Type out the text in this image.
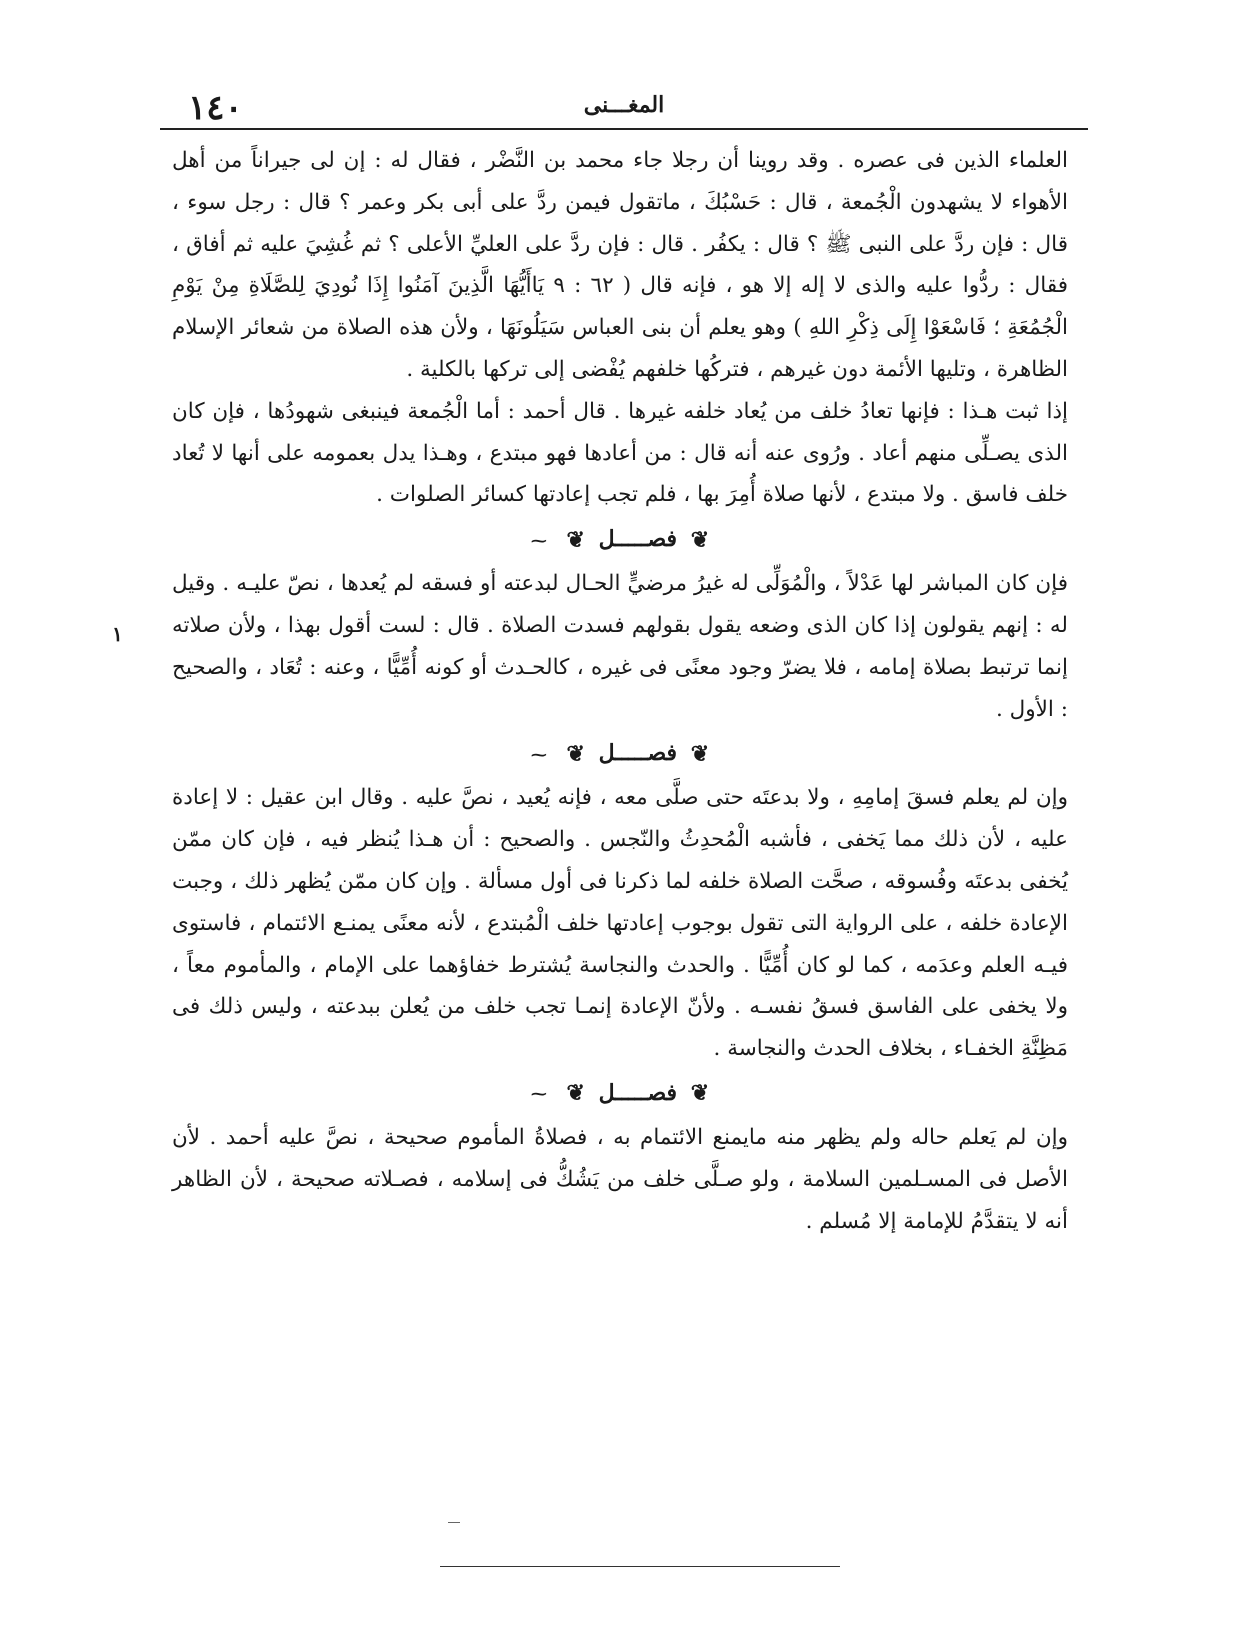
١٤٠	المغـــنى
١

العلماء الذين فى عصره . وقد روينا أن رجلا جاء محمد بن النَّضْر ، فقال له : إن لى جيراناً من أهل الأهواء لا يشهدون الْجُمعة ، قال : حَسْبُكَ ، ماتقول فيمن ردَّ على أبى بكر وعمر ؟ قال : رجل سوء ، قال : فإن ردَّ على النبى ﷺ ؟ قال : يكفُر . قال : فإن ردَّ على العليِّ الأعلى ؟ ثم غُشِيَ عليه ثم أفاق ، فقال : ردُّوا عليه والذى لا إله إلا هو ، فإنه قال ( ٦٢ : ٩ يَاأَيُّهَا الَّذِينَ آمَنُوا إِذَا نُودِيَ لِلصَّلَاةِ مِنْ يَوْمِ الْجُمُعَةِ ؛ فَاسْعَوْا إِلَى ذِكْرِ اللهِ ) وهو يعلم أن بنى العباس سَيَلُونَهَا ، ولأن هذه الصلاة من شعائر الإسلام الظاهرة ، وتليها الأئمة دون غيرهم ، فتركُها خلفهم يُفْضى إلى تركها بالكلية .

إذا ثبت هـذا : فإنها تعادُ خلف من يُعاد خلفه غيرها . قال أحمد : أما الْجُمعة فينبغى شهودُها ، فإن كان الذى يصـلِّى منهم أعاد . ورُوى عنه أنه قال : من أعادها فهو مبتدع ، وهـذا يدل بعمومه على أنها لا تُعاد خلف فاسق . ولا مبتدع ، لأنها صلاة أُمِرَ بها ، فلم تجب إعادتها كسائر الصلوات .

❦ فصـــــل ❦ ⁓

فإن كان المباشر لها عَدْلاً ، والْمُوَلِّى له غيرُ مرضيٍّ الحـال لبدعته أو فسقه لم يُعدها ، نصّ عليـه . وقيل له : إنهم يقولون إذا كان الذى وضعه يقول بقولهم فسدت الصلاة . قال : لست أقول بهذا ، ولأن صلاته إنما ترتبط بصلاة إمامه ، فلا يضرّ وجود معنًى فى غيره ، كالحـدث أو كونه أُمِّيًّا ، وعنه : تُعَاد ، والصحيح : الأول .

❦ فصـــــل ❦ ⁓

وإن لم يعلم فسقَ إمامِهِ ، ولا بدعتَه حتى صلَّى معه ، فإنه يُعيد ، نصَّ عليه . وقال ابن عقيل : لا إعادة عليه ، لأن ذلك مما يَخفى ، فأشبه الْمُحدِثُ والنّجس . والصحيح : أن هـذا يُنظر فيه ، فإن كان ممّن يُخفى بدعتَه وفُسوقه ، صحَّت الصلاة خلفه لما ذكرنا فى أول مسألة . وإن كان ممّن يُظهر ذلك ، وجبت الإعادة خلفه ، على الرواية التى تقول بوجوب إعادتها خلف الْمُبتدع ، لأنه معنًى يمنـع الائتمام ، فاستوى فيـه العلم وعدَمه ، كما لو كان أُمِّيًّا . والحدث والنجاسة يُشترط خفاؤهما على الإمام ، والمأموم معاً ، ولا يخفى على الفاسق فسقُ نفسـه . ولأنّ الإعادة إنمـا تجب خلف من يُعلن ببدعته ، وليس ذلك فى مَظِنَّةِ الخفـاء ، بخلاف الحدث والنجاسة .

❦ فصـــــل ❦ ⁓

وإن لم يَعلم حاله ولم يظهر منه مايمنع الائتمام به ، فصلاةُ المأموم صحيحة ، نصَّ عليه أحمد . لأن الأصل فى المسـلمين السلامة ، ولو صـلَّى خلف من يَشُكُّ فى إسلامه ، فصـلاته صحيحة ، لأن الظاهر أنه لا يتقدَّمُ للإمامة إلا مُسلم .
